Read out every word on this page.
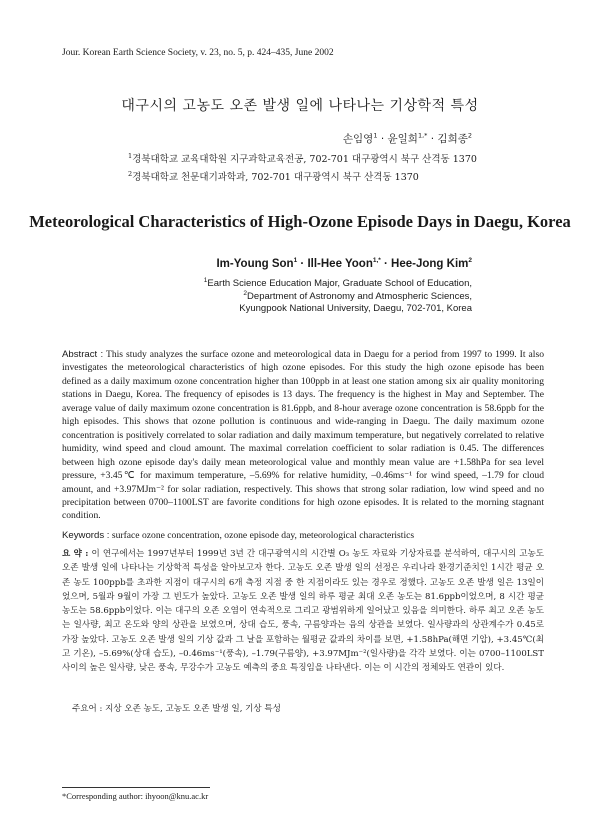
Jour. Korean Earth Science Society, v. 23, no. 5, p. 424–435, June 2002
대구시의 고농도 오존 발생 일에 나타나는 기상학적 특성
손임영$^1$ · 윤일희$^{1,*}$ · 김희종$^2$
$^1$경북대학교 교육대학원 지구과학교육전공, 702-701 대구광역시 북구 산격동 1370
$^2$경북대학교 천문대기과학과, 702-701 대구광역시 북구 산격동 1370
Meteorological Characteristics of High-Ozone Episode Days in Daegu, Korea
Im-Young Son$^1$ · Ill-Hee Yoon$^{1,*}$ · Hee-Jong Kim$^2$
$^1$Earth Science Education Major, Graduate School of Education,
$^2$Department of Astronomy and Atmospheric Sciences,
Kyungpook National University, Daegu, 702-701, Korea
Abstract : This study analyzes the surface ozone and meteorological data in Daegu for a period from 1997 to 1999. It also investigates the meteorological characteristics of high ozone episodes. For this study the high ozone episode has been defined as a daily maximum ozone concentration higher than 100ppb in at least one station among six air quality monitoring stations in Daegu, Korea. The frequency of episodes is 13 days. The frequency is the highest in May and September. The average value of daily maximum ozone concentration is 81.6ppb, and 8-hour average ozone concentration is 58.6ppb for the high episodes. This shows that ozone pollution is continuous and wide-ranging in Daegu. The daily maximum ozone concentration is positively correlated to solar radiation and daily maximum temperature, but negatively correlated to relative humidity, wind speed and cloud amount. The maximal correlation coefficient to solar radiation is 0.45. The differences between high ozone episode day's daily mean meteorological value and monthly mean value are +1.58hPa for sea level pressure, +3.45℃ for maximum temperature, –5.69% for relative humidity, –0.46ms⁻¹ for wind speed, –1.79 for cloud amount, and +3.97MJm⁻² for solar radiation, respectively. This shows that strong solar radiation, low wind speed and no precipitation between 0700–1100LST are favorite conditions for high ozone episodes. It is related to the morning stagnant condition.
Keywords : surface ozone concentration, ozone episode day, meteorological characteristics
요 약 : 이 연구에서는 1997년부터 1999년 3년 간 대구광역시의 시간별 O₃ 농도 자료와 기상자료를 분석하여, 대구시의 고농도 오존 발생 일에 나타나는 기상학적 특성을 알아보고자 한다. 고농도 오존 발생 일의 선정은 우리나라 환경기준치인 1시간 평균 오존 농도 100ppb를 초과한 지점이 대구시의 6개 측정 지점 중 한 지점이라도 있는 경우로 정했다. 고농도 오존 발생 일은 13일이었으며, 5월과 9월이 가장 그 빈도가 높았다. 고농도 오존 발생 일의 하루 평균 최대 오존 농도는 81.6ppb이었으며, 8 시간 평균 농도는 58.6ppb이었다. 이는 대구의 오존 오염이 연속적으로 그리고 광범위하게 일어났고 있음을 의미한다. 하루 최고 오존 농도는 일사량, 최고 온도와 양의 상관을 보였으며, 상대 습도, 풍속, 구름양과는 음의 상관을 보였다. 일사량과의 상관계수가 0.45로 가장 높았다. 고농도 오존 발생 일의 기상 값과 그 날을 포함하는 월평균 값과의 차이를 보면, +1.58hPa(해면 기압), +3.45℃(최고 기온), –5.69%(상대 습도), –0.46ms⁻¹(풍속), –1.79(구름양), +3.97MJm⁻²(일사량)을 각각 보였다. 이는 0700–1100LST 사이의 높은 일사량, 낮은 풍속, 무강수가 고농도 예측의 중요 특징임을 나타낸다. 이는 이 시간의 정체와도 연관이 있다.
주요어 : 지상 오존 농도, 고농도 오존 발생 일, 기상 특성
*Corresponding author: ihyoon@knu.ac.kr
